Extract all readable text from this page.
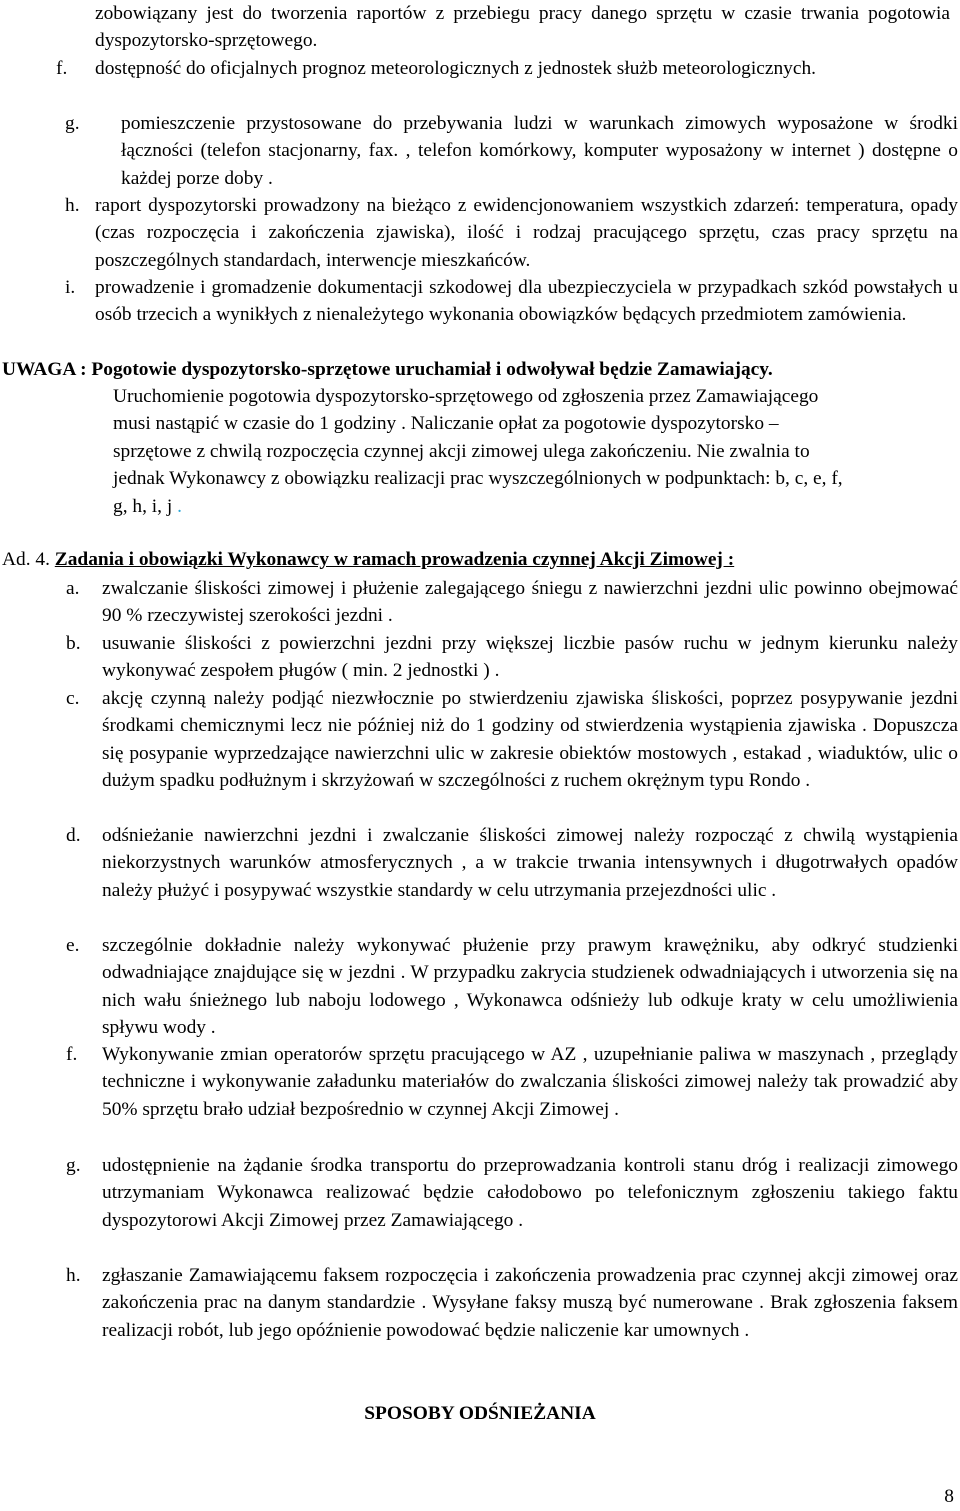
zobowiązany jest do tworzenia raportów z przebiegu pracy danego sprzętu w czasie trwania pogotowia dyspozytorsko-sprzętowego.
f. dostępność do oficjalnych prognoz meteorologicznych z jednostek służb meteorologicznych.
g. pomieszczenie przystosowane do przebywania ludzi w warunkach zimowych wyposażone w środki łączności (telefon stacjonarny, fax. , telefon komórkowy, komputer wyposażony w internet ) dostępne o każdej porze doby .
h. raport dyspozytorski prowadzony na bieżąco z ewidencjonowaniem wszystkich zdarzeń: temperatura, opady (czas rozpoczęcia i zakończenia zjawiska), ilość i rodzaj pracującego sprzętu, czas pracy sprzętu na poszczególnych standardach, interwencje mieszkańców.
i. prowadzenie i gromadzenie dokumentacji szkodowej dla ubezpieczyciela w przypadkach szkód powstałych u osób trzecich a wynikłych z nienależytego wykonania obowiązków będących przedmiotem zamówienia.
UWAGA : Pogotowie dyspozytorsko-sprzętowe uruchamiał i odwoływał będzie Zamawiający.
Uruchomienie pogotowia dyspozytorsko-sprzętowego od zgłoszenia przez Zamawiającego musi nastąpić w czasie do 1 godziny . Naliczanie opłat za pogotowie dyspozytorsko – sprzętowe z chwilą rozpoczęcia czynnej akcji zimowej ulega zakończeniu. Nie zwalnia to jednak Wykonawcy z obowiązku realizacji prac wyszczególnionych w podpunktach: b, c, e, f, g, h, i, j .
Ad. 4. Zadania i obowiązki Wykonawcy w ramach prowadzenia czynnej Akcji Zimowej :
a. zwalczanie śliskości zimowej i płużenie zalegającego śniegu z nawierzchni jezdni ulic powinno obejmować 90 % rzeczywistej szerokości jezdni .
b. usuwanie śliskości z powierzchni jezdni przy większej liczbie pasów ruchu w jednym kierunku należy wykonywać zespołem pługów ( min. 2 jednostki ) .
c. akcję czynną należy podjąć niezwłocznie po stwierdzeniu zjawiska śliskości, poprzez posypywanie jezdni środkami chemicznymi lecz nie później niż do 1 godziny od stwierdzenia wystąpienia zjawiska . Dopuszcza się posypanie wyprzedzające nawierzchni ulic w zakresie obiektów mostowych , estakad , wiaduktów, ulic o dużym spadku podłużnym i skrzyżowań w szczególności z ruchem okrężnym typu Rondo .
d. odśnieżanie nawierzchni jezdni i zwalczanie śliskości zimowej należy rozpocząć z chwilą wystąpienia niekorzystnych warunków atmosferycznych , a w trakcie trwania intensywnych i długotrwałych opadów należy płużyć i posypywać wszystkie standardy w celu utrzymania przejezdności ulic .
e. szczególnie dokładnie należy wykonywać płużenie przy prawym krawężniku, aby odkryć studzienki odwadniające znajdujące się w jezdni . W przypadku zakrycia studzienek odwadniających i utworzenia się na nich wału śnieżnego lub naboju lodowego , Wykonawca odśnieży lub odkuje kraty w celu umożliwienia spływu wody .
f. Wykonywanie zmian operatorów sprzętu pracującego w AZ , uzupełnianie paliwa w maszynach , przeglądy techniczne i wykonywanie załadunku materiałów do zwalczania śliskości zimowej należy tak prowadzić aby 50% sprzętu brało udział bezpośrednio w czynnej Akcji Zimowej .
g. udostępnienie na żądanie środka transportu do przeprowadzania kontroli stanu dróg i realizacji zimowego utrzymaniam Wykonawca realizować będzie całodobowo po telefonicznym zgłoszeniu takiego faktu dyspozytorowi Akcji Zimowej przez Zamawiającego .
h. zgłaszanie Zamawiającemu faksem rozpoczęcia i zakończenia prowadzenia prac czynnej akcji zimowej oraz zakończenia prac na danym standardzie . Wysyłane faksy muszą być numerowane . Brak zgłoszenia faksem realizacji robót, lub jego opóźnienie powodować będzie naliczenie kar umownych .
SPOSOBY ODŚNIEŻANIA
8
